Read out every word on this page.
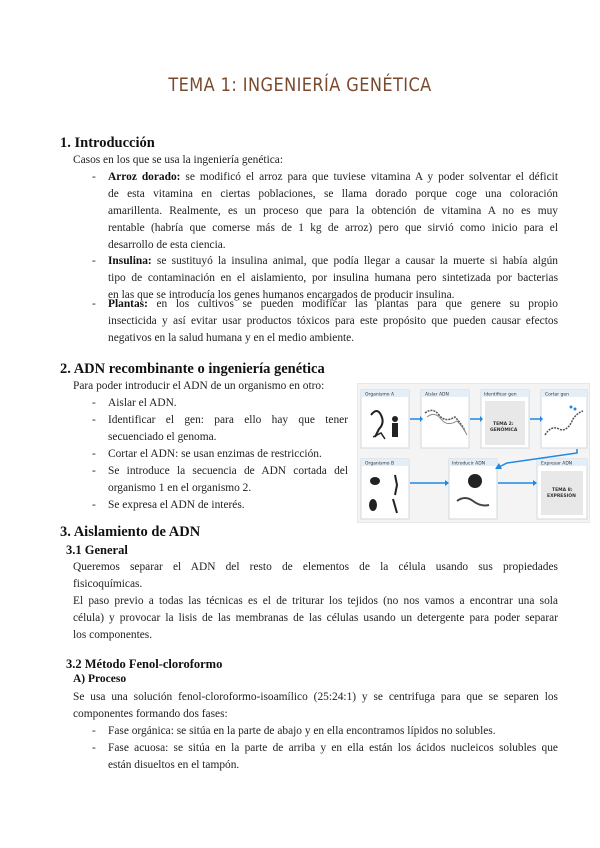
TEMA 1: INGENIERÍA GENÉTICA
1. Introducción
Casos en los que se usa la ingeniería genética:
- Arroz dorado: se modificó el arroz para que tuviese vitamina A y poder solventar el déficit
de esta vitamina en ciertas poblaciones, se llama dorado porque coge una coloración
amarillenta. Realmente, es un proceso que para la obtención de vitamina A no es muy
rentable (habría que comerse más de 1 kg de arroz) pero que sirvió como inicio para el
desarrollo de esta ciencia.
- Insulina: se sustituyó la insulina animal, que podía llegar a causar la muerte si había algún
tipo de contaminación en el aislamiento, por insulina humana pero sintetizada por bacterias
en las que se introducía los genes humanos encargados de producir insulina.
- Plantas: en los cultivos se pueden modificar las plantas para que genere su propio
insecticida y así evitar usar productos tóxicos para este propósito que pueden causar efectos
negativos en la salud humana y en el medio ambiente.
2. ADN recombinante o ingeniería genética
Para poder introducir el ADN de un organismo en otro:
- Aislar el ADN.
- Identificar el gen: para ello hay que tener
secuenciado el genoma.
- Cortar el ADN: se usan enzimas de restricción.
- Se introduce la secuencia de ADN cortada del
organismo 1 en el organismo 2.
- Se expresa el ADN de interés.
Organismo A	Aislar ADN	Identificar gen
TEMA 2:
GENÓMICA
Cortar gen
Organismo B	Introducir ADN	Expresar ADN
TEMA 8:
EXPRESIÓN
3. Aislamiento de ADN
3.1 General
Queremos separar el ADN del resto de elementos de la célula usando sus propiedades
fisicoquímicas.
El paso previo a todas las técnicas es el de triturar los tejidos (no nos vamos a encontrar una sola
célula) y provocar la lisis de las membranas de las células usando un detergente para poder separar
los componentes.
3.2 Método Fenol-cloroformo
A) Proceso
Se usa una solución fenol-cloroformo-isoamílico (25:24:1) y se centrifuga para que se separen los
componentes formando dos fases:
- Fase orgánica: se sitúa en la parte de abajo y en ella encontramos lípidos no solubles.
- Fase acuosa: se sitúa en la parte de arriba y en ella están los ácidos nucleicos solubles que
están disueltos en el tampón.
